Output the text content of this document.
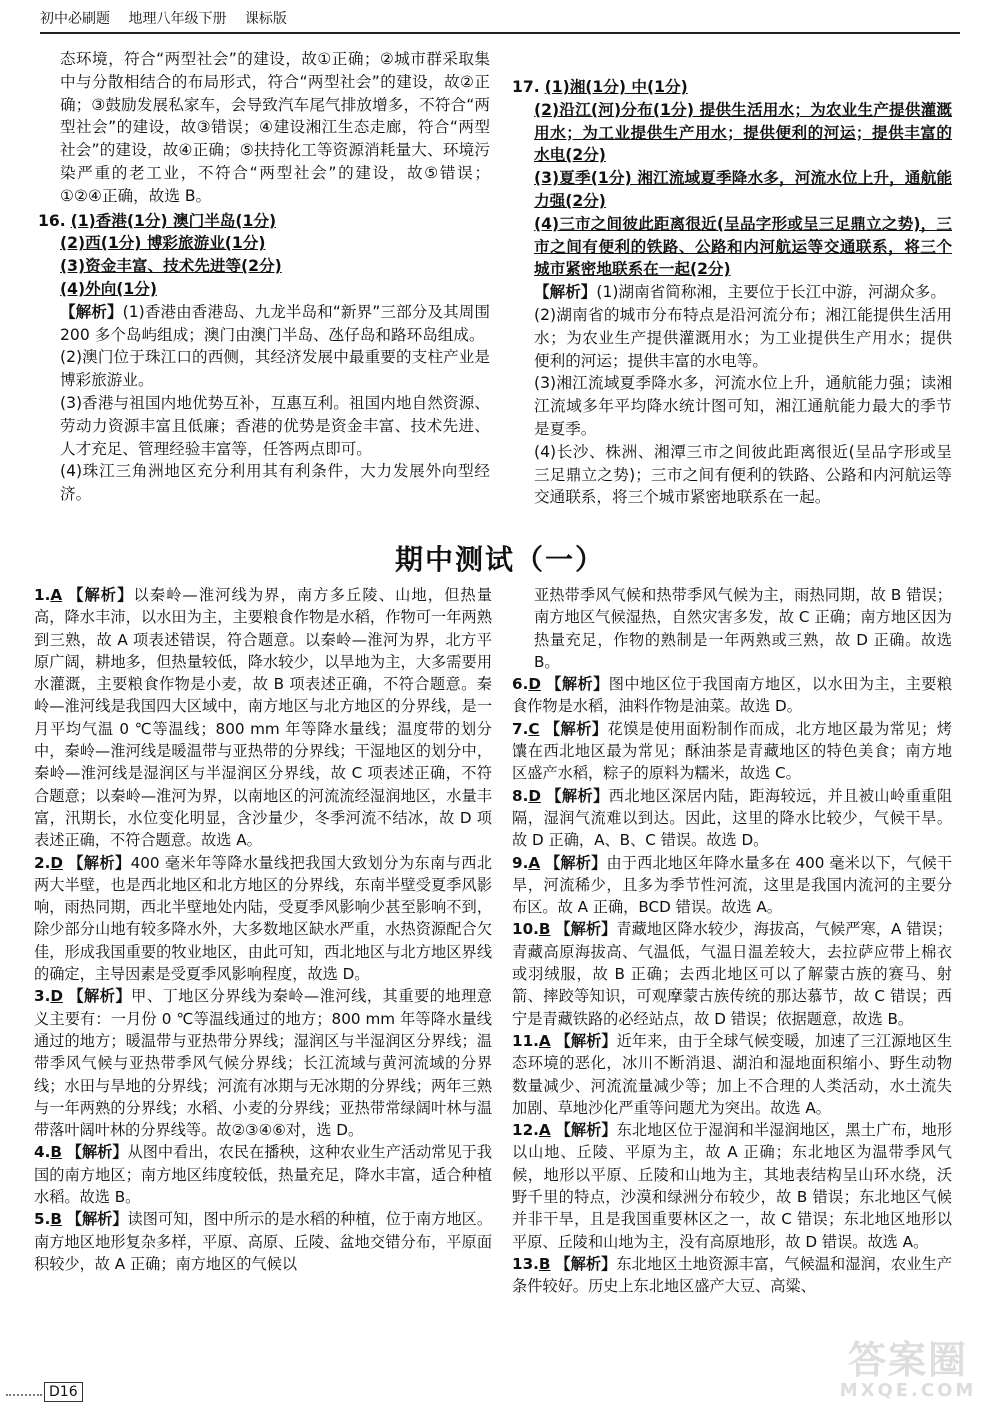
初中必刷题 地理八年级下册 课标版

态环境，符合“两型社会”的建设，故①正确；②城市群采取集中与分散相结合的布局形式，符合“两型社会”的建设，故②正确；③鼓励发展私家车，会导致汽车尾气排放增多，不符合“两型社会”的建设，故③错误；④建设湘江生态走廊，符合“两型社会”的建设，故④正确；⑤扶持化工等资源消耗量大、环境污染严重的老工业，不符合“两型社会”的建设，故⑤错误；①②④正确，故选 B。

16. (1)香港(1分) 澳门半岛(1分)

(2)西(1分) 博彩旅游业(1分)

(3)资金丰富、技术先进等(2分)

(4)外向(1分)

【解析】(1)香港由香港岛、九龙半岛和“新界”三部分及其周围 200 多个岛屿组成；澳门由澳门半岛、氹仔岛和路环岛组成。

(2)澳门位于珠江口的西侧，其经济发展中最重要的支柱产业是博彩旅游业。

(3)香港与祖国内地优势互补，互惠互利。祖国内地自然资源、劳动力资源丰富且低廉；香港的优势是资金丰富、技术先进、人才充足、管理经验丰富等，任答两点即可。

(4)珠江三角洲地区充分利用其有利条件，大力发展外向型经济。

17. (1)湘(1分) 中(1分)

(2)沿江(河)分布(1分) 提供生活用水；为农业生产提供灌溉用水；为工业提供生产用水；提供便利的河运；提供丰富的水电(2分)

(3)夏季(1分) 湘江流域夏季降水多，河流水位上升，通航能力强(2分)

(4)三市之间彼此距离很近(呈品字形或呈三足鼎立之势)，三市之间有便利的铁路、公路和内河航运等交通联系，将三个城市紧密地联系在一起(2分)

【解析】(1)湖南省简称湘，主要位于长江中游，河湖众多。

(2)湖南省的城市分布特点是沿河流分布；湘江能提供生活用水；为农业生产提供灌溉用水；为工业提供生产用水；提供便利的河运；提供丰富的水电等。

(3)湘江流域夏季降水多，河流水位上升，通航能力强；读湘江流域多年平均降水统计图可知，湘江通航能力最大的季节是夏季。

(4)长沙、株洲、湘潭三市之间彼此距离很近(呈品字形或呈三足鼎立之势)；三市之间有便利的铁路、公路和内河航运等交通联系，将三个城市紧密地联系在一起。

期中测试（一）

1.A 【解析】以秦岭—淮河线为界，南方多丘陵、山地，但热量高，降水丰沛，以水田为主，主要粮食作物是水稻，作物可一年两熟到三熟，故 A 项表述错误，符合题意。以秦岭—淮河为界，北方平原广阔，耕地多，但热量较低，降水较少，以旱地为主，大多需要用水灌溉，主要粮食作物是小麦，故 B 项表述正确，不符合题意。秦岭—淮河线是我国四大区域中，南方地区与北方地区的分界线，是一月平均气温 0 ℃等温线；800 mm 年等降水量线；温度带的划分中，秦岭—淮河线是暖温带与亚热带的分界线；干湿地区的划分中，秦岭—淮河线是湿润区与半湿润区分界线，故 C 项表述正确，不符合题意；以秦岭—淮河为界，以南地区的河流流经湿润地区，水量丰富，汛期长，水位变化明显，含沙量少，冬季河流不结冰，故 D 项表述正确，不符合题意。故选 A。

2.D 【解析】400 毫米年等降水量线把我国大致划分为东南与西北两大半壁，也是西北地区和北方地区的分界线，东南半壁受夏季风影响，雨热同期，西北半壁地处内陆，受夏季风影响少甚至影响不到，除少部分山地有较多降水外，大多数地区缺水严重，水热资源配合欠佳，形成我国重要的牧业地区，由此可知，西北地区与北方地区界线的确定，主导因素是受夏季风影响程度，故选 D。

3.D 【解析】甲、丁地区分界线为秦岭—淮河线，其重要的地理意义主要有：一月份 0 ℃等温线通过的地方；800 mm 年等降水量线通过的地方；暖温带与亚热带分界线；湿润区与半湿润区分界线；温带季风气候与亚热带季风气候分界线；长江流域与黄河流域的分界线；水田与旱地的分界线；河流有冰期与无冰期的分界线；两年三熟与一年两熟的分界线；水稻、小麦的分界线；亚热带常绿阔叶林与温带落叶阔叶林的分界线等。故②③④⑥对，选 D。

4.B 【解析】从图中看出，农民在播秧，这种农业生产活动常见于我国的南方地区；南方地区纬度较低，热量充足，降水丰富，适合种植水稻。故选 B。

5.B 【解析】读图可知，图中所示的是水稻的种植，位于南方地区。南方地区地形复杂多样，平原、高原、丘陵、盆地交错分布，平原面积较少，故 A 正确；南方地区的气候以

亚热带季风气候和热带季风气候为主，雨热同期，故 B 错误；南方地区气候湿热，自然灾害多发，故 C 正确；南方地区因为热量充足，作物的熟制是一年两熟或三熟，故 D 正确。故选 B。

6.D 【解析】图中地区位于我国南方地区，以水田为主，主要粮食作物是水稻，油料作物是油菜。故选 D。

7.C 【解析】花馍是使用面粉制作而成，北方地区最为常见；烤馕在西北地区最为常见；酥油茶是青藏地区的特色美食；南方地区盛产水稻，粽子的原料为糯米，故选 C。

8.D 【解析】西北地区深居内陆，距海较远，并且被山岭重重阻隔，湿润气流难以到达。因此，这里的降水比较少，气候干旱。故 D 正确，A、B、C 错误。故选 D。

9.A 【解析】由于西北地区年降水量多在 400 毫米以下，气候干旱，河流稀少，且多为季节性河流，这里是我国内流河的主要分布区。故 A 正确，BCD 错误。故选 A。

10.B 【解析】青藏地区降水较少，海拔高，气候严寒，A 错误；青藏高原海拔高、气温低，气温日温差较大，去拉萨应带上棉衣或羽绒服，故 B 正确；去西北地区可以了解蒙古族的赛马、射箭、摔跤等知识，可观摩蒙古族传统的那达慕节，故 C 错误；西宁是青藏铁路的必经站点，故 D 错误；依据题意，故选 B。

11.A 【解析】近年来，由于全球气候变暖，加速了三江源地区生态环境的恶化，冰川不断消退、湖泊和湿地面积缩小、野生动物数量减少、河流流量减少等；加上不合理的人类活动，水土流失加剧、草地沙化严重等问题尤为突出。故选 A。

12.A 【解析】东北地区位于湿润和半湿润地区，黑土广布，地形以山地、丘陵、平原为主，故 A 正确；东北地区为温带季风气候，地形以平原、丘陵和山地为主，其地表结构呈山环水绕，沃野千里的特点，沙漠和绿洲分布较少，故 B 错误；东北地区气候并非干旱，且是我国重要林区之一，故 C 错误；东北地区地形以平原、丘陵和山地为主，没有高原地形，故 D 错误。故选 A。

13.B 【解析】东北地区土地资源丰富，气候温和湿润，农业生产条件较好。历史上东北地区盛产大豆、高粱、

D16
答案圈
MXQE.COM
